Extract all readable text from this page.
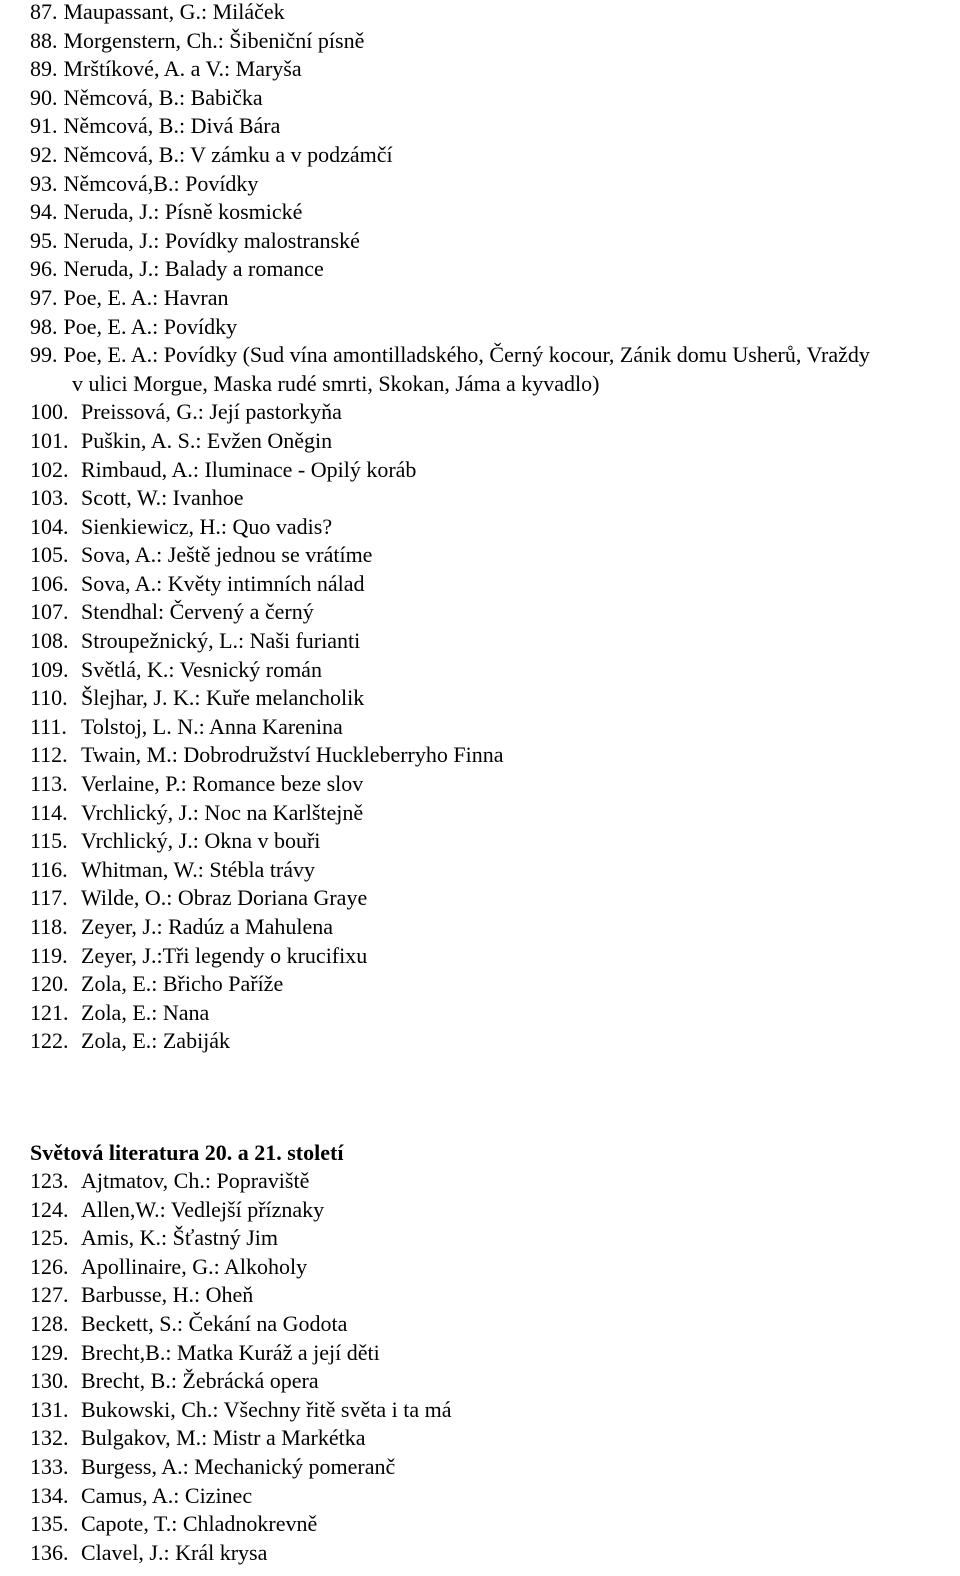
87. Maupassant, G.: Miláček
88. Morgenstern, Ch.: Šibeniční písně
89. Mrštíkové, A. a V.: Maryša
90. Němcová, B.: Babička
91. Němcová, B.: Divá Bára
92. Němcová, B.: V zámku a v podzámčí
93. Němcová,B.: Povídky
94. Neruda, J.: Písně kosmické
95. Neruda, J.: Povídky malostranské
96. Neruda, J.: Balady a romance
97. Poe, E. A.: Havran
98. Poe, E. A.: Povídky
99. Poe, E. A.: Povídky (Sud vína amontilladského, Černý kocour, Zánik domu Usherů, Vraždy
v ulici Morgue, Maska rudé smrti, Skokan, Jáma a kyvadlo)
100. Preissová, G.: Její pastorkyňa
101. Puškin, A. S.: Evžen Oněgin
102. Rimbaud, A.: Iluminace - Opilý koráb
103. Scott, W.: Ivanhoe
104. Sienkiewicz, H.: Quo vadis?
105. Sova, A.: Ještě jednou se vrátíme
106. Sova, A.: Květy intimních nálad
107. Stendhal: Červený a černý
108. Stroupežnický, L.: Naši furianti
109. Světlá, K.: Vesnický román
110. Šlejhar, J. K.: Kuře melancholik
111. Tolstoj, L. N.: Anna Karenina
112. Twain, M.: Dobrodružství Huckleberryho Finna
113. Verlaine, P.: Romance beze slov
114. Vrchlický, J.: Noc na Karlštejně
115. Vrchlický, J.: Okna v bouři
116. Whitman, W.: Stébla trávy
117. Wilde, O.: Obraz Doriana Graye
118. Zeyer, J.: Radúz a Mahulena
119. Zeyer, J.:Tři legendy o krucifixu
120. Zola, E.: Břicho Paříže
121. Zola, E.: Nana
122. Zola, E.: Zabiják
Světová literatura 20. a 21. století
123. Ajtmatov, Ch.: Popraviště
124. Allen,W.: Vedlejší příznaky
125. Amis, K.: Šťastný Jim
126. Apollinaire, G.: Alkoholy
127. Barbusse, H.: Oheň
128. Beckett, S.: Čekání na Godota
129. Brecht,B.: Matka Kuráž a její děti
130. Brecht, B.: Žebrácká opera
131. Bukowski, Ch.: Všechny řitě světa i ta má
132. Bulgakov, M.: Mistr a Markétka
133. Burgess, A.: Mechanický pomeranč
134. Camus, A.: Cizinec
135. Capote, T.: Chladnokrevně
136. Clavel, J.: Král krysa
